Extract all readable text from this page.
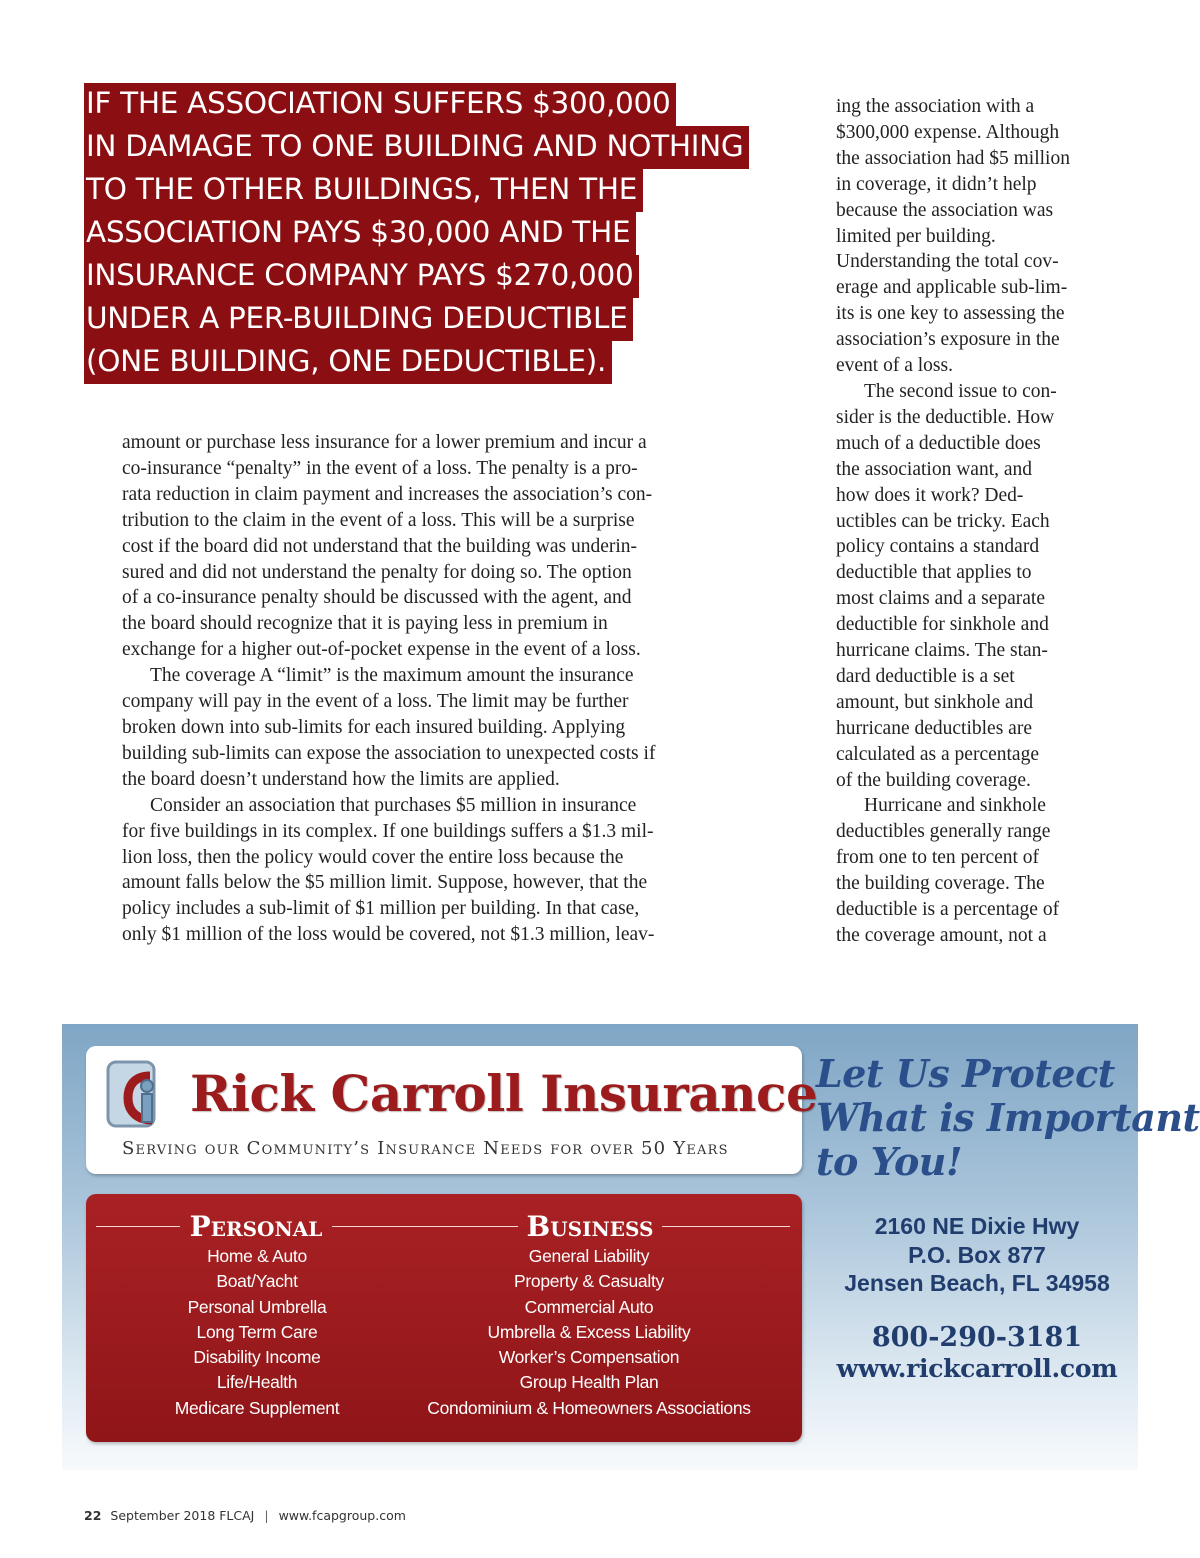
IF THE ASSOCIATION SUFFERS $300,000
IN DAMAGE TO ONE BUILDING AND NOTHING
TO THE OTHER BUILDINGS, THEN THE
ASSOCIATION PAYS $30,000 AND THE
INSURANCE COMPANY PAYS $270,000
UNDER A PER-BUILDING DEDUCTIBLE
(ONE BUILDING, ONE DEDUCTIBLE).

amount or purchase less insurance for a lower premium and incur a

co-insurance “penalty” in the event of a loss. The penalty is a pro-

rata reduction in claim payment and increases the association’s con-

tribution to the claim in the event of a loss. This will be a surprise

cost if the board did not understand that the building was underin-

sured and did not understand the penalty for doing so. The option

of a co-insurance penalty should be discussed with the agent, and

the board should recognize that it is paying less in premium in

exchange for a higher out-of-pocket expense in the event of a loss.

The coverage A “limit” is the maximum amount the insurance

company will pay in the event of a loss. The limit may be further

broken down into sub-limits for each insured building. Applying

building sub-limits can expose the association to unexpected costs if

the board doesn’t understand how the limits are applied.

Consider an association that purchases $5 million in insurance

for five buildings in its complex. If one buildings suffers a $1.3 mil-

lion loss, then the policy would cover the entire loss because the

amount falls below the $5 million limit. Suppose, however, that the

policy includes a sub-limit of $1 million per building. In that case,

only $1 million of the loss would be covered, not $1.3 million, leav-

ing the association with a

$300,000 expense. Although

the association had $5 million

in coverage, it didn’t help

because the association was

limited per building.

Understanding the total cov-

erage and applicable sub-lim-

its is one key to assessing the

association’s exposure in the

event of a loss.

The second issue to con-

sider is the deductible. How

much of a deductible does

the association want, and

how does it work? Ded-

uctibles can be tricky. Each

policy contains a standard

deductible that applies to

most claims and a separate

deductible for sinkhole and

hurricane claims. The stan-

dard deductible is a set

amount, but sinkhole and

hurricane deductibles are

calculated as a percentage

of the building coverage.

Hurricane and sinkhole

deductibles generally range

from one to ten percent of

the building coverage. The

deductible is a percentage of

the coverage amount, not a

Rick Carroll Insurance
Serving our Community’s Insurance Needs for over 50 Years
Let Us Protect
What is Important
to You!
Personal	Business
Home & Auto
Boat/Yacht
Personal Umbrella
Long Term Care
Disability Income
Life/Health
Medicare Supplement
General Liability
Property & Casualty
Commercial Auto
Umbrella & Excess Liability
Worker’s Compensation
Group Health Plan
Condominium & Homeowners Associations
2160 NE Dixie Hwy
P.O. Box 877
Jensen Beach, FL 34958
800-290-3181
www.rickcarroll.com
22 September 2018 FLCAJ | www.fcapgroup.com
